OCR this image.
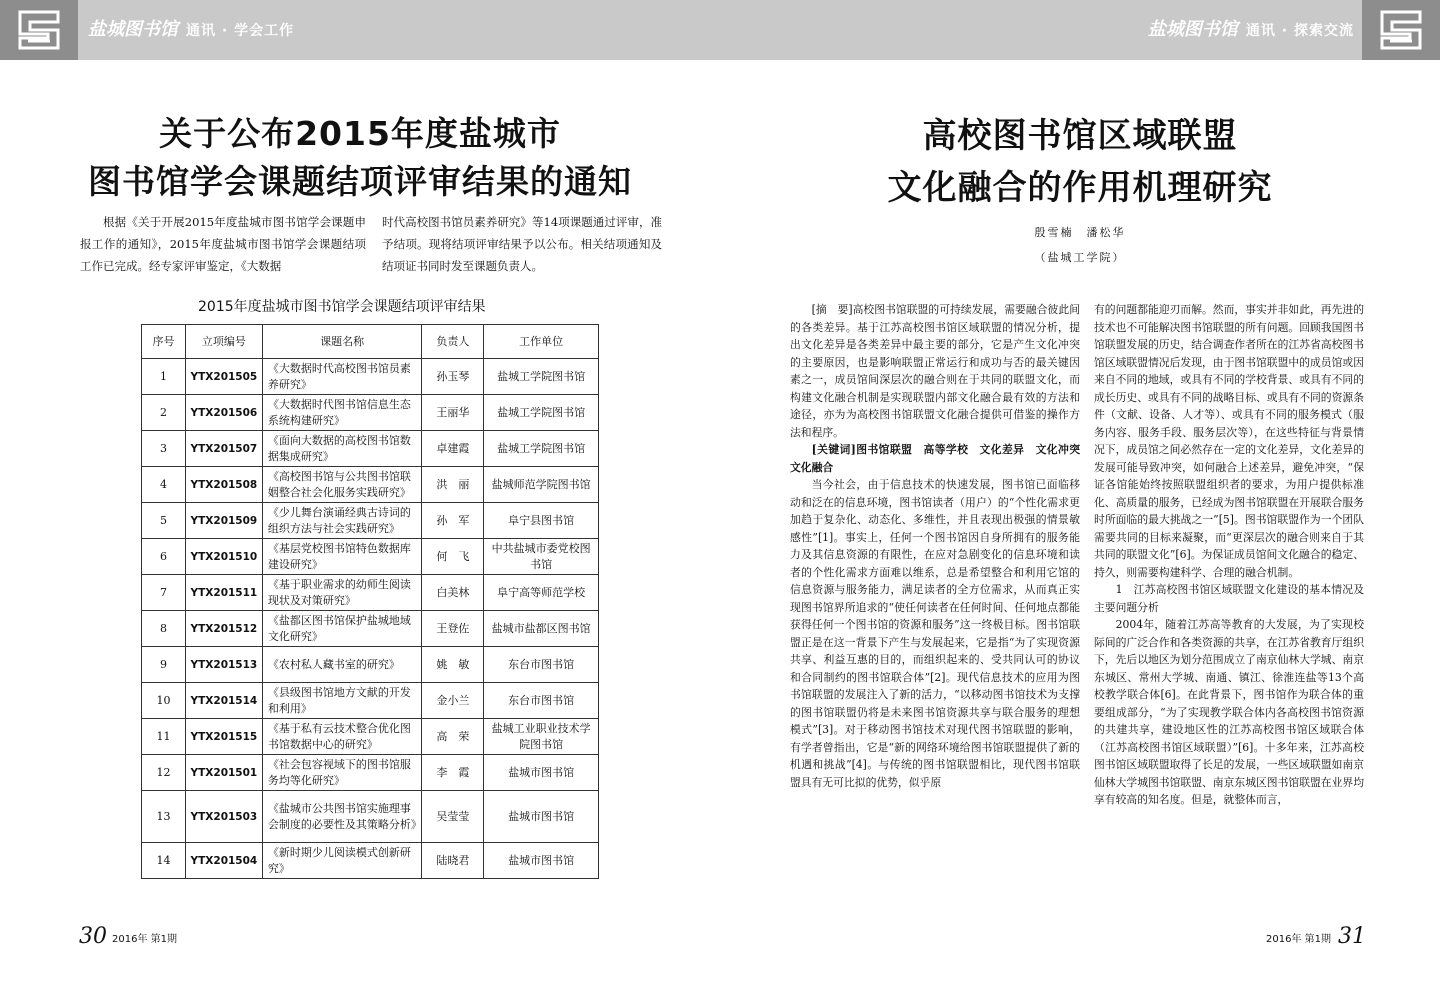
盐城图书馆 通讯 · 学会工作
关于公布2015年度盐城市
图书馆学会课题结项评审结果的通知
根据《关于开展2015年度盐城市图书馆学会课题申报工作的通知》，2015年度盐城市图书馆学会课题结项工作已完成。经专家评审鉴定，《大数据
时代高校图书馆员素养研究》等14项课题通过评审，准予结项。现将结项评审结果予以公布。相关结项通知及结项证书同时发至课题负责人。
2015年度盐城市图书馆学会课题结项评审结果
序号	立项编号	课题名称	负责人	工作单位
1	YTX201505	《大数据时代高校图书馆员素养研究》	孙玉琴	盐城工学院图书馆
2	YTX201506	《大数据时代图书馆信息生态系统构建研究》	王丽华	盐城工学院图书馆
3	YTX201507	《面向大数据的高校图书馆数据集成研究》	卓建霞	盐城工学院图书馆
4	YTX201508	《高校图书馆与公共图书馆联姻整合社会化服务实践研究》	洪　丽	盐城师范学院图书馆
5	YTX201509	《少儿舞台演诵经典古诗词的组织方法与社会实践研究》	孙　军	阜宁县图书馆
6	YTX201510	《基层党校图书馆特色数据库建设研究》	何　飞	中共盐城市委党校图书馆
7	YTX201511	《基于职业需求的幼师生阅读现状及对策研究》	白美林	阜宁高等师范学校
8	YTX201512	《盐都区图书馆保护盐城地域文化研究》	王登佐	盐城市盐都区图书馆
9	YTX201513	《农村私人藏书室的研究》	姚　敏	东台市图书馆
10	YTX201514	《县级图书馆地方文献的开发和利用》	金小兰	东台市图书馆
11	YTX201515	《基于私有云技术整合优化图书馆数据中心的研究》	高　荣	盐城工业职业技术学院图书馆
12	YTX201501	《社会包容视域下的图书馆服务均等化研究》	李　霞	盐城市图书馆
13	YTX201503	《盐城市公共图书馆实施理事会制度的必要性及其策略分析》	吴莹莹	盐城市图书馆
14	YTX201504	《新时期少儿阅读模式创新研究》	陆晓君	盐城市图书馆
30 2016年 第1期
盐城图书馆 通讯 · 探索交流
高校图书馆区域联盟
文化融合的作用机理研究
殷雪楠　潘松华
（盐城工学院）

[摘　要]高校图书馆联盟的可持续发展，需要融合彼此间的各类差异。基于江苏高校图书馆区域联盟的情况分析，提出文化差异是各类差异中最主要的部分，它是产生文化冲突的主要原因，也是影响联盟正常运行和成功与否的最关键因素之一，成员馆间深层次的融合则在于共同的联盟文化，而构建文化融合机制是实现联盟内部文化融合最有效的方法和途径，亦为为高校图书馆联盟文化融合提供可借鉴的操作方法和程序。

[关键词]图书馆联盟　高等学校　文化差异　文化冲突　文化融合

当今社会，由于信息技术的快速发展，图书馆已面临移动和泛在的信息环境，图书馆读者（用户）的“个性化需求更加趋于复杂化、动态化、多维性，并且表现出极强的情景敏感性”[1]。事实上，任何一个图书馆因自身所拥有的服务能力及其信息资源的有限性，在应对急剧变化的信息环境和读者的个性化需求方面难以维系，总是希望整合和利用它馆的信息资源与服务能力，满足读者的全方位需求，从而真正实现图书馆界所追求的“使任何读者在任何时间、任何地点都能获得任何一个图书馆的资源和服务”这一终极目标。图书馆联盟正是在这一背景下产生与发展起来，它是指“为了实现资源共享、利益互惠的目的，而组织起来的、受共同认可的协议和合同制约的图书馆联合体”[2]。现代信息技术的应用为图书馆联盟的发展注入了新的活力，“以移动图书馆技术为支撑的图书馆联盟仍将是未来图书馆资源共享与联合服务的理想模式”[3]。对于移动图书馆技术对现代图书馆联盟的影响，有学者曾指出，它是“新的网络环境给图书馆联盟提供了新的机遇和挑战”[4]。与传统的图书馆联盟相比，现代图书馆联盟具有无可比拟的优势，似乎原

有的问题都能迎刃而解。然而，事实并非如此，再先进的技术也不可能解决图书馆联盟的所有问题。回顾我国图书馆联盟发展的历史，结合调查作者所在的江苏省高校图书馆区域联盟情况后发现，由于图书馆联盟中的成员馆或因来自不同的地域，或具有不同的学校背景、或具有不同的成长历史、或具有不同的战略目标、或具有不同的资源条件（文献、设备、人才等）、或具有不同的服务模式（服务内容、服务手段、服务层次等），在这些特征与背景情况下，成员馆之间必然存在一定的文化差异，文化差异的发展可能导致冲突，如何融合上述差异，避免冲突，“保证各馆能始终按照联盟组织者的要求，为用户提供标准化、高质量的服务，已经成为图书馆联盟在开展联合服务时所面临的最大挑战之一”[5]。图书馆联盟作为一个团队需要共同的目标来凝聚，而“更深层次的融合则来自于其共同的联盟文化”[6]。为保证成员馆间文化融合的稳定、持久，则需要构建科学、合理的融合机制。

1　江苏高校图书馆区域联盟文化建设的基本情况及主要问题分析

2004年，随着江苏高等教育的大发展，为了实现校际间的广泛合作和各类资源的共享，在江苏省教育厅组织下，先后以地区为划分范围成立了南京仙林大学城、南京东城区、常州大学城、南通、镇江、徐淮连盐等13个高校教学联合体[6]。在此背景下，图书馆作为联合体的重要组成部分，“为了实现教学联合体内各高校图书馆资源的共建共享，建设地区性的江苏高校图书馆区域联合体（江苏高校图书馆区域联盟）”[6]。十多年来，江苏高校图书馆区域联盟取得了长足的发展，一些区域联盟如南京仙林大学城图书馆联盟、南京东城区图书馆联盟在业界均享有较高的知名度。但是，就整体而言，

2016年 第1期 31
